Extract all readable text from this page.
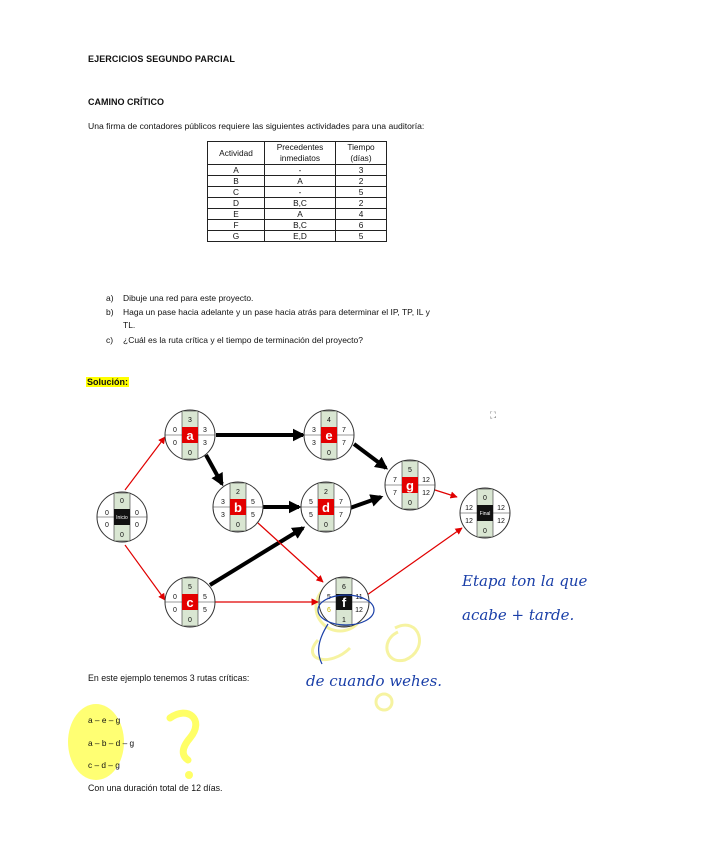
EJERCICIOS SEGUNDO PARCIAL
CAMINO CRÍTICO
Una firma de contadores públicos requiere las siguientes actividades para una auditoría:
Actividad	Precedentes inmediatos	Tiempo (días)
A	-	3
B	A	2
C	-	5
D	B,C	2
E	A	4
F	B,C	6
G	E,D	5
a) Dibuje una red para este proyecto.
b) Haga un pase hacia adelante y un pase hacia atrás para determinar el IP, TP, IL y
TL.
c) ¿Cuál es la ruta crítica y el tiempo de terminación del proyecto?
Solución:
⛶
0
0
0	0
0	0
Inicio
3
0
0	3
0	3
a
2
0
3	5
3	5
b
5
0
0	5
0	5
c
4
0
3	7
3	7
e
2
0
5	7
5	7
d
6
1
5	11
6	12
f
5
0
7	12
7	12
g
0
0
12	12
12	12
Final
Etapa ton la que
acabe + tarde.
de cuando wehes.
En este ejemplo tenemos 3 rutas críticas:
a – e – g
a – b – d – g
c – d – g
Con una duración total de 12 días.
